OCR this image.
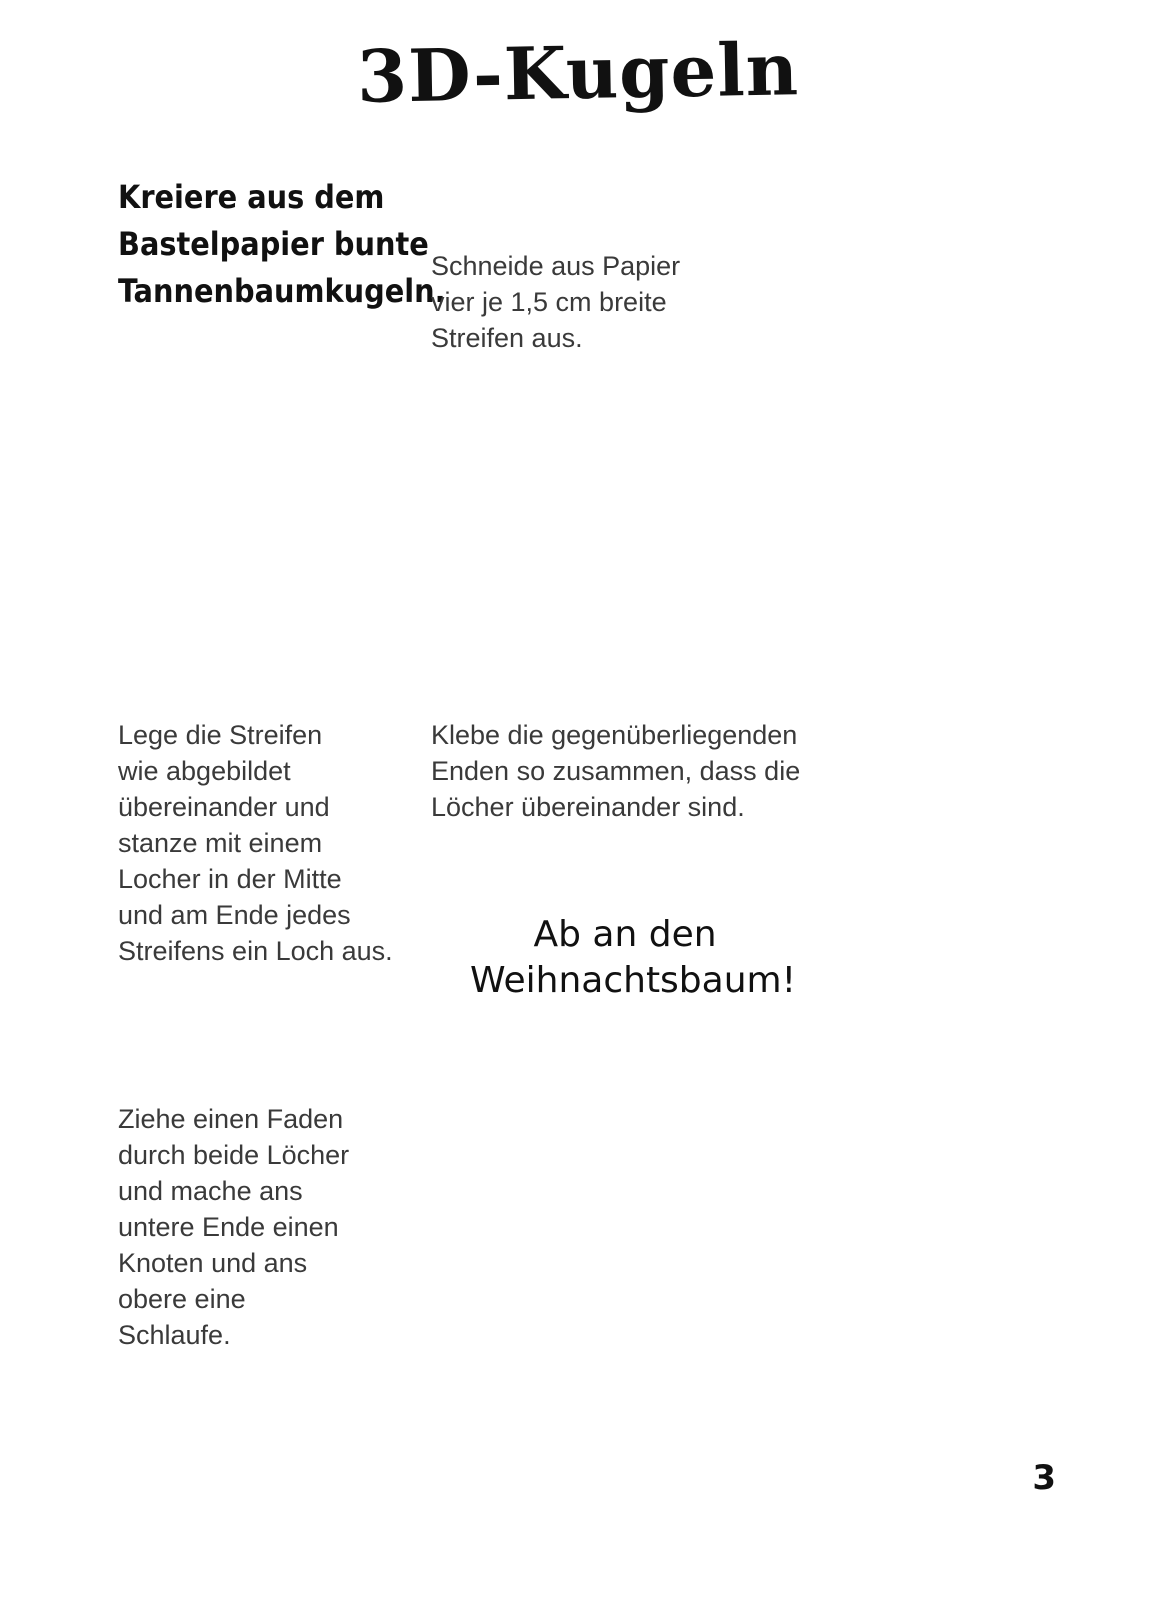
3D-Kugeln
Kreiere aus dem Bastelpapier bunte Tannenbaumkugeln.
Schneide aus Papier
vier je 1,5 cm breite
Streifen aus.
Lege die Streifen
wie abgebildet
übereinander und
stanze mit einem
Locher in der Mitte
und am Ende jedes
Streifens ein Loch aus.
Klebe die gegenüberliegenden
Enden so zusammen, dass die
Löcher übereinander sind.
Ab an den
Weihnachtsbaum!
Ziehe einen Faden
durch beide Löcher
und mache ans
untere Ende einen
Knoten und ans
obere eine
Schlaufe.
3
